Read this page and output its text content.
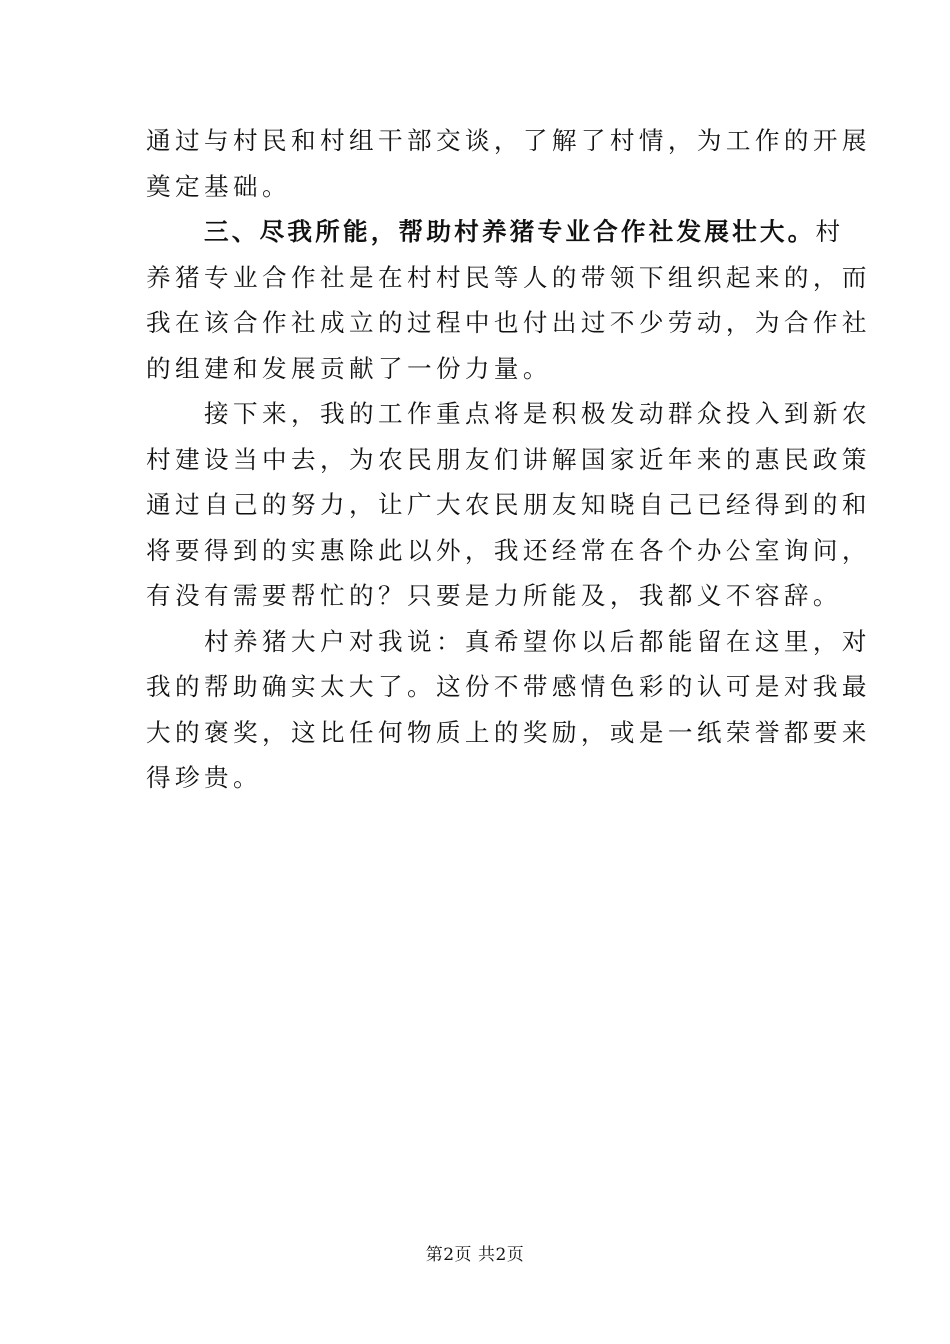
通过与村民和村组干部交谈，了解了村情，为工作的开展
奠定基础。
三、尽我所能，帮助村养猪专业合作社发展壮大。村
养猪专业合作社是在村村民等人的带领下组织起来的，而
我在该合作社成立的过程中也付出过不少劳动，为合作社
的组建和发展贡献了一份力量。
接下来，我的工作重点将是积极发动群众投入到新农
村建设当中去，为农民朋友们讲解国家近年来的惠民政策
通过自己的努力，让广大农民朋友知晓自己已经得到的和
将要得到的实惠除此以外，我还经常在各个办公室询问，
有没有需要帮忙的？只要是力所能及，我都义不容辞。
村养猪大户对我说：真希望你以后都能留在这里，对
我的帮助确实太大了。这份不带感情色彩的认可是对我最
大的褒奖，这比任何物质上的奖励，或是一纸荣誉都要来
得珍贵。
第2页 共2页
